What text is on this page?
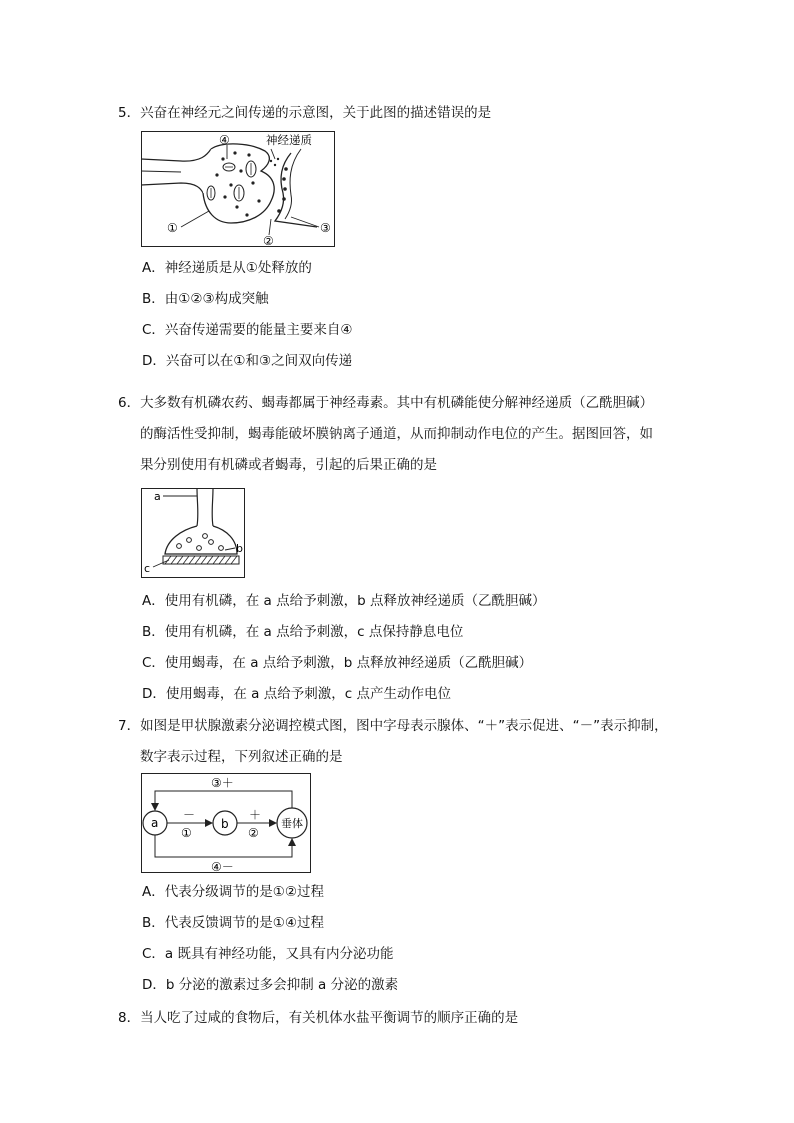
5．兴奋在神经元之间传递的示意图，关于此图的描述错误的是
④	神经递质
①
②
③
A．神经递质是从①处释放的
B．由①②③构成突触
C．兴奋传递需要的能量主要来自④
D．兴奋可以在①和③之间双向传递
6．大多数有机磷农药、蝎毒都属于神经毒素。其中有机磷能使分解神经递质（乙酰胆碱）
的酶活性受抑制，蝎毒能破坏膜钠离子通道，从而抑制动作电位的产生。据图回答，如
果分别使用有机磷或者蝎毒，引起的后果正确的是
a
b
c
A．使用有机磷，在 a 点给予刺激，b 点释放神经递质（乙酰胆碱）
B．使用有机磷，在 a 点给予刺激，c 点保持静息电位
C．使用蝎毒，在 a 点给予刺激，b 点释放神经递质（乙酰胆碱）
D．使用蝎毒，在 a 点给予刺激，c 点产生动作电位
7．如图是甲状腺激素分泌调控模式图，图中字母表示腺体、“＋”表示促进、“－”表示抑制，
数字表示过程，下列叙述正确的是
a	b	垂体
③＋
④－
－
①
＋
②
A．代表分级调节的是①②过程
B．代表反馈调节的是①④过程
C．a 既具有神经功能，又具有内分泌功能
D．b 分泌的激素过多会抑制 a 分泌的激素
8．当人吃了过咸的食物后，有关机体水盐平衡调节的顺序正确的是
